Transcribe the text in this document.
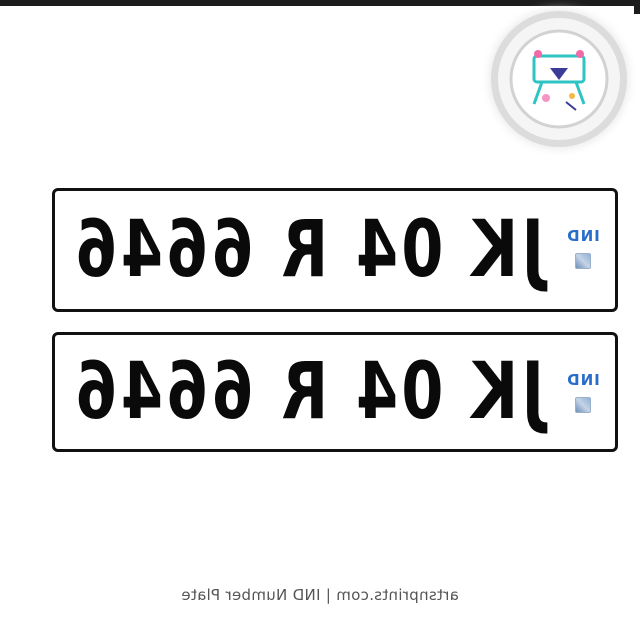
IND
JK 04 R 6646
IND
JK 04 R 6646
artsnprints.com | IND Number Plate
